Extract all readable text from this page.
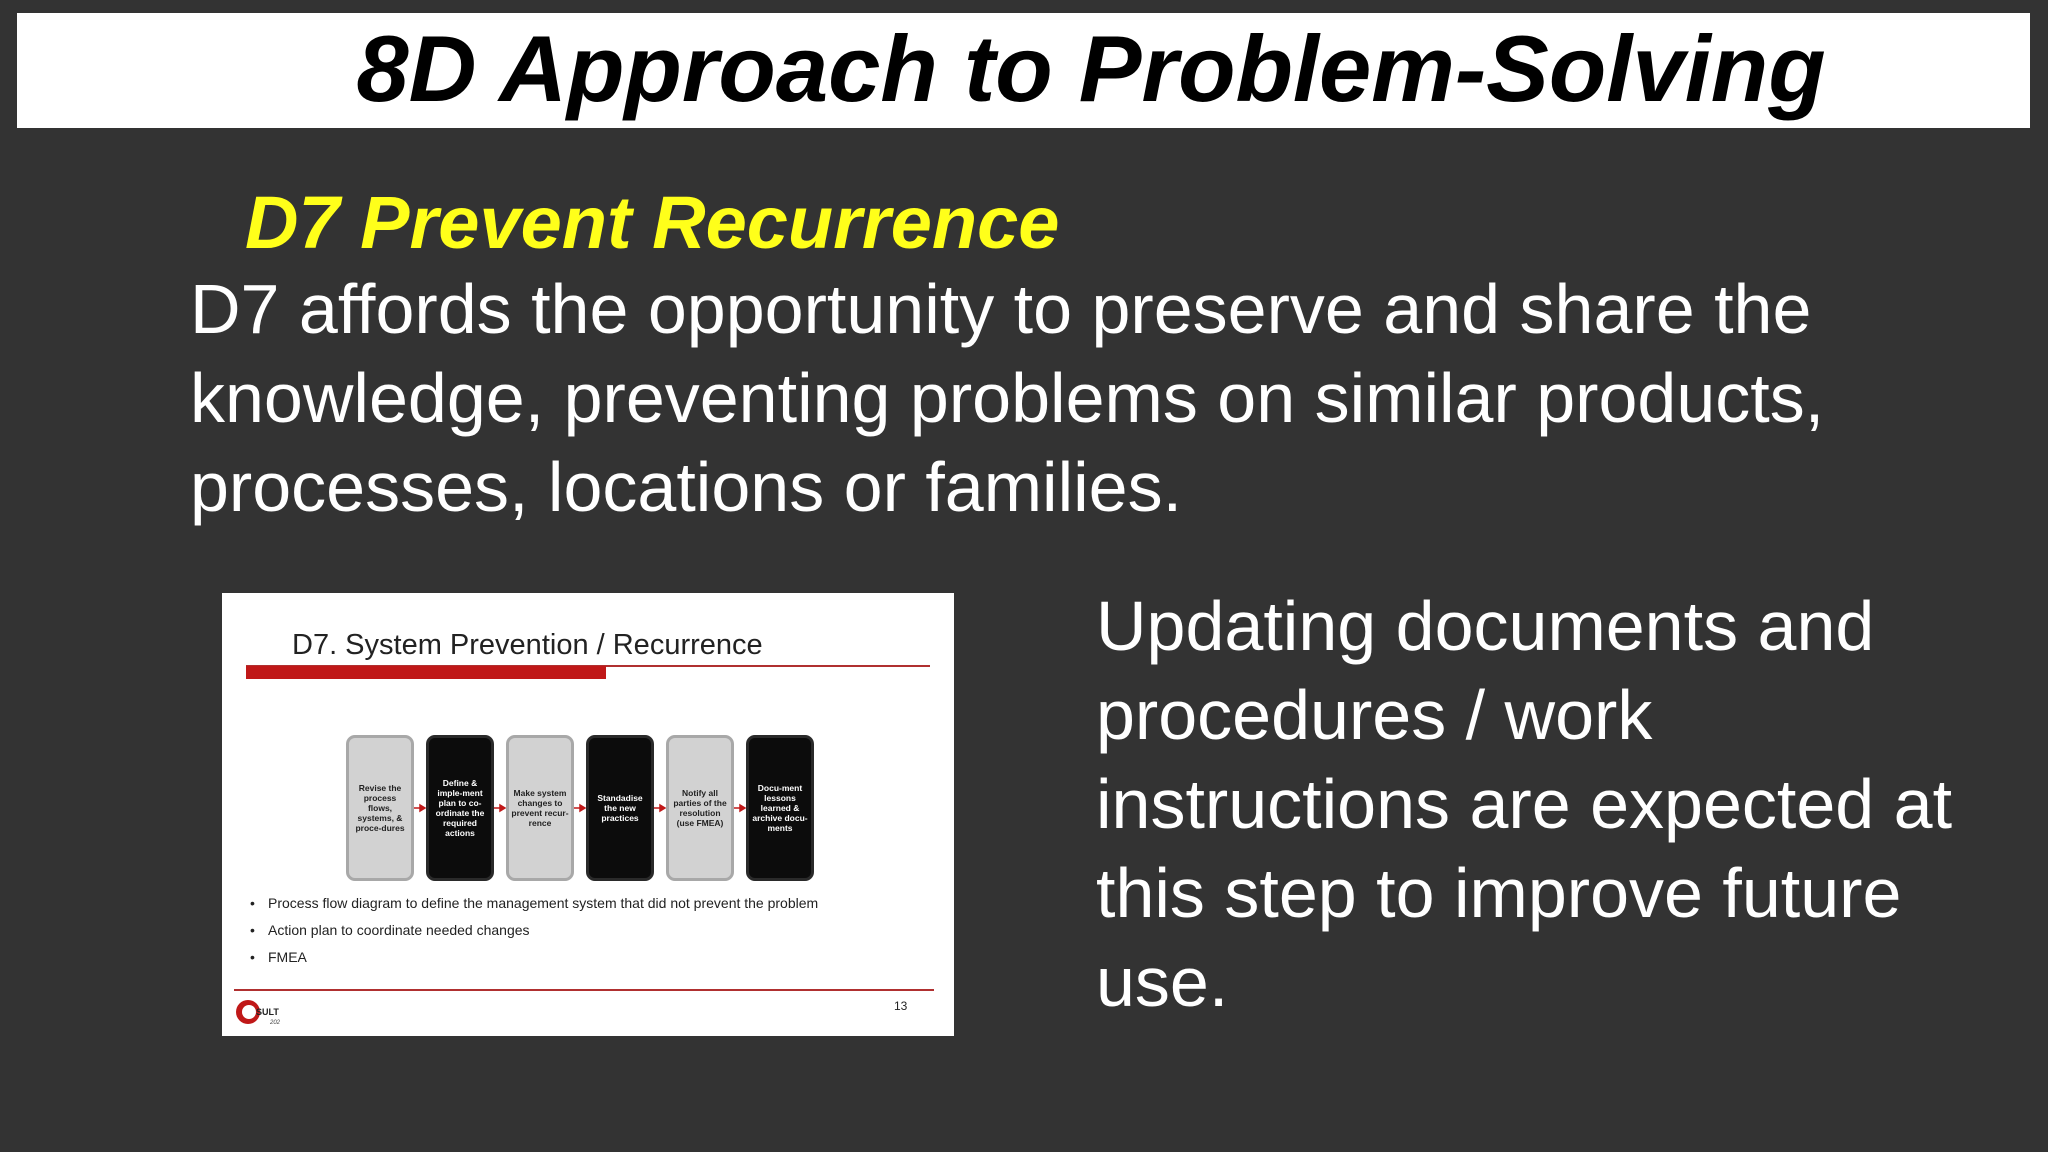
8D Approach to Problem-Solving
D7 Prevent Recurrence
D7 affords the opportunity to preserve and share the knowledge, preventing problems on similar products, processes, locations or families.
D7. System Prevention / Recurrence
Revise the process flows, systems, & proce-dures
Define & imple-ment plan to co-ordinate the required actions
Make system changes to prevent recur-rence
Standadise the new practices
Notify all parties of the resolution (use FMEA)
Docu-ment lessons learned & archive docu-ments
• Process flow diagram to define the management system that did not prevent the problem
• Action plan to coordinate needed changes
• FMEA
SULT
202
13
Updating documents and procedures / work instructions are expected at this step to improve future use.
